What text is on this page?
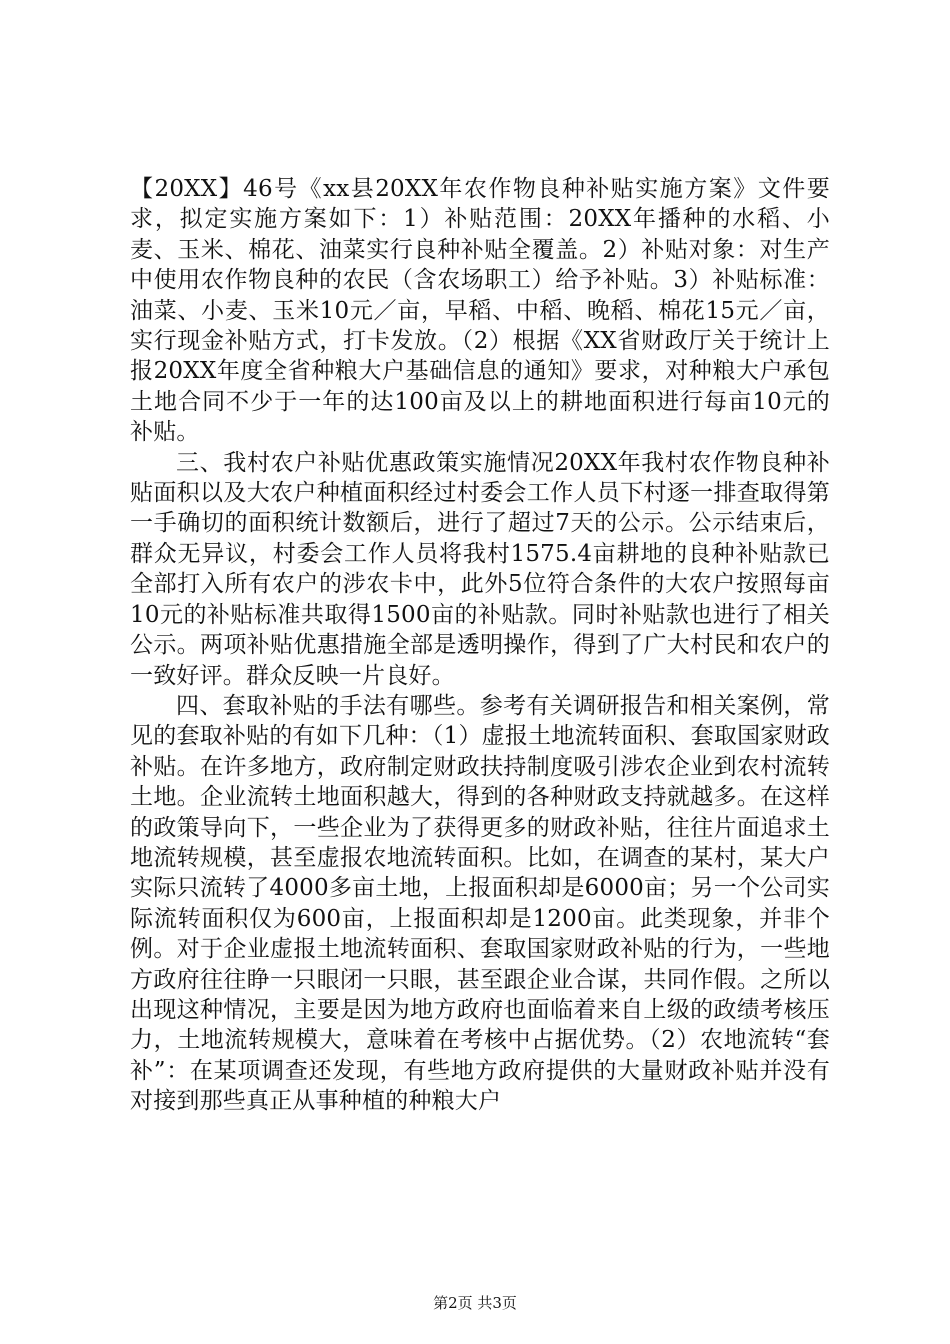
【20XX】46号《xx县20XX年农作物良种补贴实施方案》文件要求，拟定实施方案如下：1）补贴范围：20XX年播种的水稻、小麦、玉米、棉花、油菜实行良种补贴全覆盖。2）补贴对象：对生产中使用农作物良种的农民（含农场职工）给予补贴。3）补贴标准：油菜、小麦、玉米10元／亩，早稻、中稻、晚稻、棉花15元／亩，实行现金补贴方式，打卡发放。（2）根据《XX省财政厅关于统计上报20XX年度全省种粮大户基础信息的通知》要求，对种粮大户承包土地合同不少于一年的达100亩及以上的耕地面积进行每亩10元的补贴。

三、我村农户补贴优惠政策实施情况20XX年我村农作物良种补贴面积以及大农户种植面积经过村委会工作人员下村逐一排查取得第一手确切的面积统计数额后，进行了超过7天的公示。公示结束后，群众无异议，村委会工作人员将我村1575.4亩耕地的良种补贴款已全部打入所有农户的涉农卡中，此外5位符合条件的大农户按照每亩10元的补贴标准共取得1500亩的补贴款。同时补贴款也进行了相关公示。两项补贴优惠措施全部是透明操作，得到了广大村民和农户的一致好评。群众反映一片良好。

四、套取补贴的手法有哪些。参考有关调研报告和相关案例，常见的套取补贴的有如下几种：（1）虚报土地流转面积、套取国家财政补贴。在许多地方，政府制定财政扶持制度吸引涉农企业到农村流转土地。企业流转土地面积越大，得到的各种财政支持就越多。在这样的政策导向下，一些企业为了获得更多的财政补贴，往往片面追求土地流转规模，甚至虚报农地流转面积。比如，在调查的某村，某大户实际只流转了4000多亩土地，上报面积却是6000亩；另一个公司实际流转面积仅为600亩，上报面积却是1200亩。此类现象，并非个例。对于企业虚报土地流转面积、套取国家财政补贴的行为，一些地方政府往往睁一只眼闭一只眼，甚至跟企业合谋，共同作假。之所以出现这种情况，主要是因为地方政府也面临着来自上级的政绩考核压力，土地流转规模大，意味着在考核中占据优势。（2）农地流转“套补”：在某项调查还发现，有些地方政府提供的大量财政补贴并没有对接到那些真正从事种植的种粮大户

第2页 共3页
